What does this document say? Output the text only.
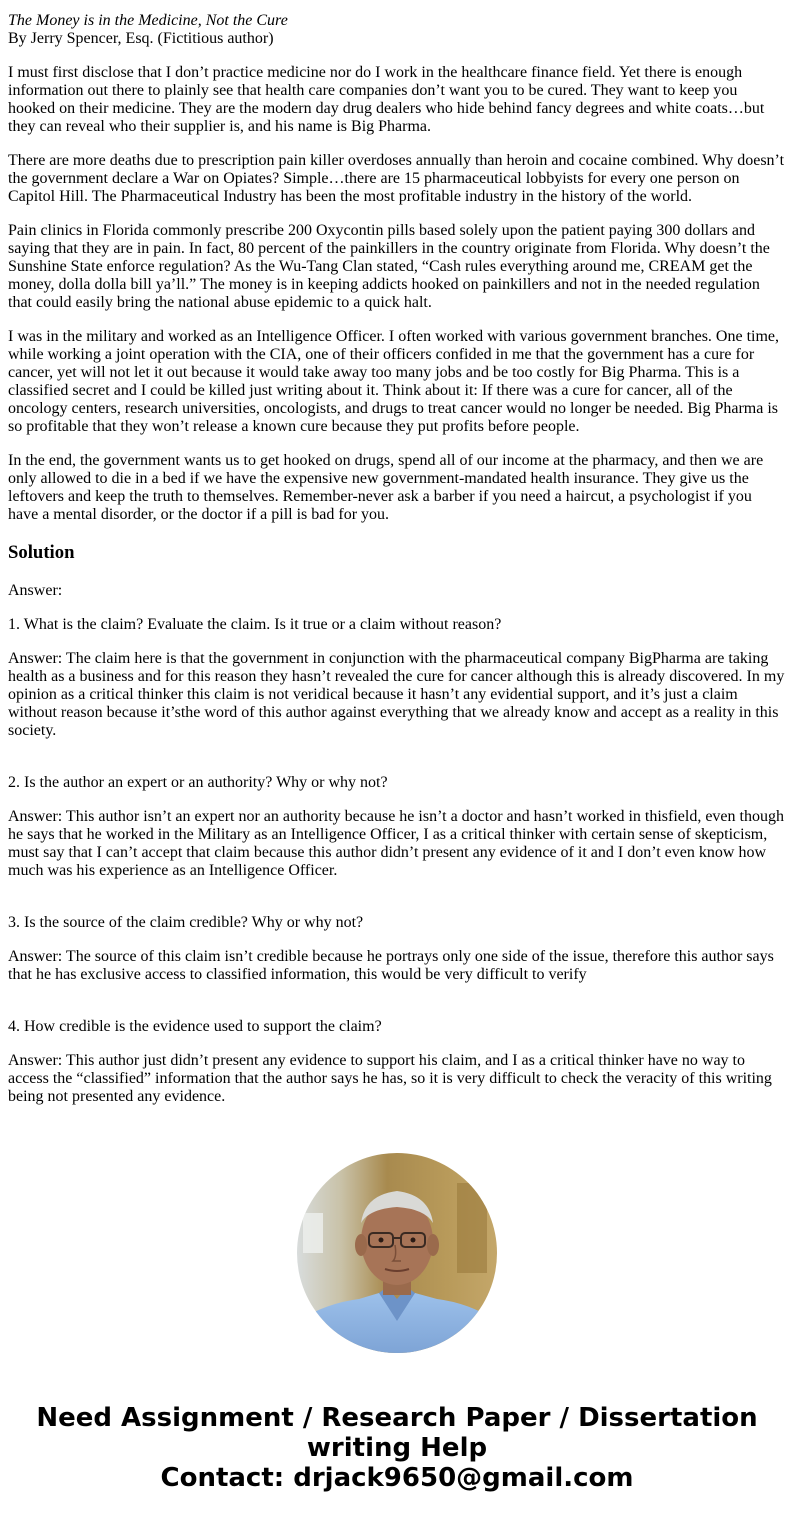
The Money is in the Medicine, Not the Cure
By Jerry Spencer, Esq. (Fictitious author)

I must first disclose that I don’t practice medicine nor do I work in the healthcare finance field. Yet there is enough information out there to plainly see that health care companies don’t want you to be cured. They want to keep you hooked on their medicine. They are the modern day drug dealers who hide behind fancy degrees and white coats…but they can reveal who their supplier is, and his name is Big Pharma.

There are more deaths due to prescription pain killer overdoses annually than heroin and cocaine combined. Why doesn’t the government declare a War on Opiates? Simple…there are 15 pharmaceutical lobbyists for every one person on Capitol Hill. The Pharmaceutical Industry has been the most profitable industry in the history of the world.

Pain clinics in Florida commonly prescribe 200 Oxycontin pills based solely upon the patient paying 300 dollars and saying that they are in pain. In fact, 80 percent of the painkillers in the country originate from Florida. Why doesn’t the Sunshine State enforce regulation? As the Wu-Tang Clan stated, “Cash rules everything around me, CREAM get the money, dolla dolla bill ya’ll.” The money is in keeping addicts hooked on painkillers and not in the needed regulation that could easily bring the national abuse epidemic to a quick halt.

I was in the military and worked as an Intelligence Officer. I often worked with various government branches. One time, while working a joint operation with the CIA, one of their officers confided in me that the government has a cure for cancer, yet will not let it out because it would take away too many jobs and be too costly for Big Pharma. This is a classified secret and I could be killed just writing about it. Think about it: If there was a cure for cancer, all of the oncology centers, research universities, oncologists, and drugs to treat cancer would no longer be needed. Big Pharma is so profitable that they won’t release a known cure because they put profits before people.

In the end, the government wants us to get hooked on drugs, spend all of our income at the pharmacy, and then we are only allowed to die in a bed if we have the expensive new government-mandated health insurance. They give us the leftovers and keep the truth to themselves. Remember-never ask a barber if you need a haircut, a psychologist if you have a mental disorder, or the doctor if a pill is bad for you.

Solution

Answer:

1. What is the claim? Evaluate the claim. Is it true or a claim without reason?

Answer: The claim here is that the government in conjunction with the pharmaceutical company BigPharma are taking health as a business and for this reason they hasn’t revealed the cure for cancer although this is already discovered. In my opinion as a critical thinker this claim is not veridical because it hasn’t any evidential support, and it’s just a claim without reason because it’sthe word of this author against everything that we already know and accept as a reality in this society.

2. Is the author an expert or an authority? Why or why not?

Answer: This author isn’t an expert nor an authority because he isn’t a doctor and hasn’t worked in thisfield, even though he says that he worked in the Military as an Intelligence Officer, I as a critical thinker with certain sense of skepticism, must say that I can’t accept that claim because this author didn’t present any evidence of it and I don’t even know how much was his experience as an Intelligence Officer.

3. Is the source of the claim credible? Why or why not?

Answer: The source of this claim isn’t credible because he portrays only one side of the issue, therefore this author says that he has exclusive access to classified information, this would be very difficult to verify

4. How credible is the evidence used to support the claim?

Answer: This author just didn’t present any evidence to support his claim, and I as a critical thinker have no way to access the “classified” information that the author says he has, so it is very difficult to check the veracity of this writing being not presented any evidence.

Need Assignment / Research Paper / Dissertation
writing Help
Contact: drjack9650@gmail.com
